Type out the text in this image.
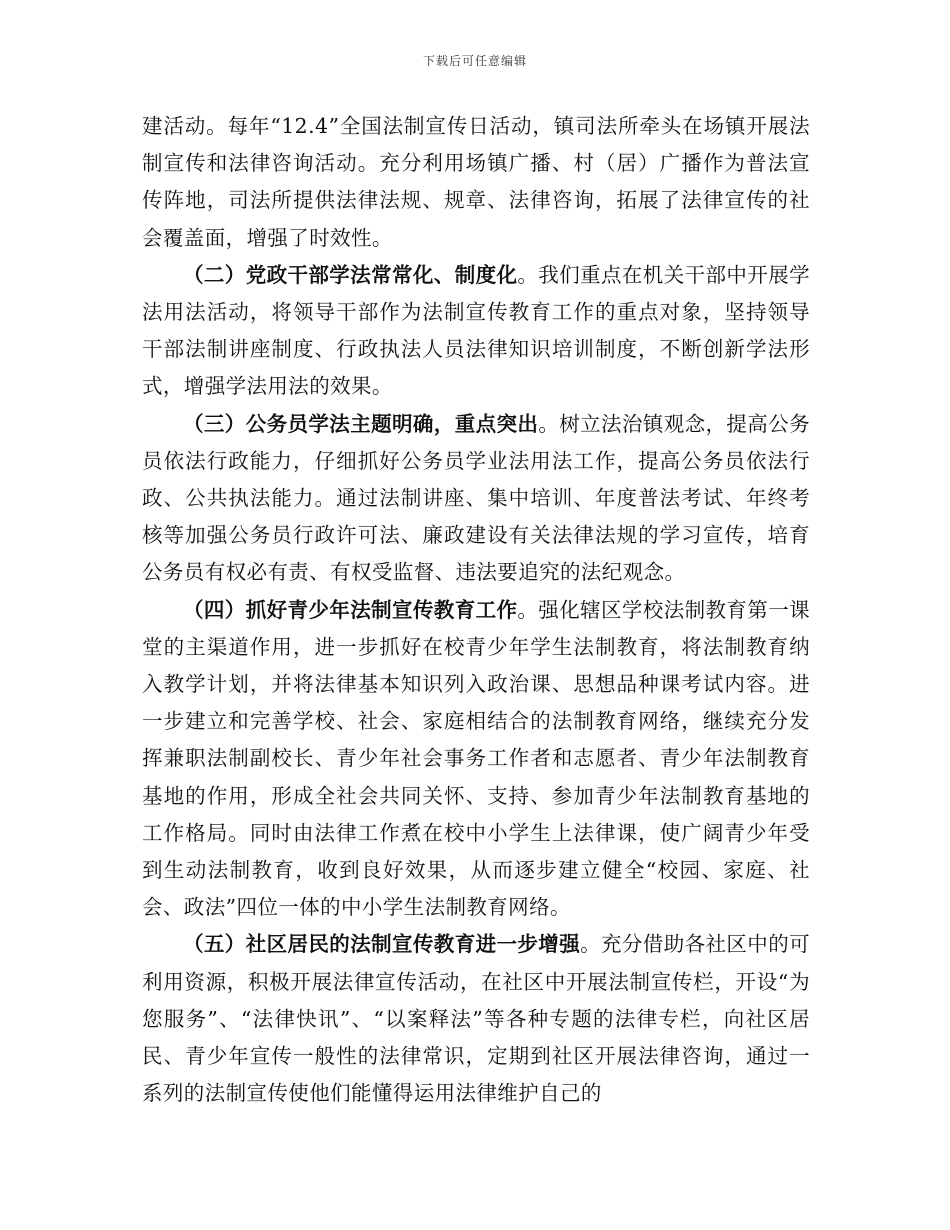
下载后可任意编辑

建活动。每年“12.4”全国法制宣传日活动，镇司法所牵头在场镇开展法制宣传和法律咨询活动。充分利用场镇广播、村（居）广播作为普法宣传阵地，司法所提供法律法规、规章、法律咨询，拓展了法律宣传的社会覆盖面，增强了时效性。

（二）党政干部学法常常化、制度化。我们重点在机关干部中开展学法用法活动，将领导干部作为法制宣传教育工作的重点对象，坚持领导干部法制讲座制度、行政执法人员法律知识培训制度，不断创新学法形式，增强学法用法的效果。

（三）公务员学法主题明确，重点突出。树立法治镇观念，提高公务员依法行政能力，仔细抓好公务员学业法用法工作，提高公务员依法行政、公共执法能力。通过法制讲座、集中培训、年度普法考试、年终考核等加强公务员行政许可法、廉政建设有关法律法规的学习宣传，培育公务员有权必有责、有权受监督、违法要追究的法纪观念。

（四）抓好青少年法制宣传教育工作。强化辖区学校法制教育第一课堂的主渠道作用，进一步抓好在校青少年学生法制教育，将法制教育纳入教学计划，并将法律基本知识列入政治课、思想品种课考试内容。进一步建立和完善学校、社会、家庭相结合的法制教育网络，继续充分发挥兼职法制副校长、青少年社会事务工作者和志愿者、青少年法制教育基地的作用，形成全社会共同关怀、支持、参加青少年法制教育基地的工作格局。同时由法律工作煮在校中小学生上法律课，使广阔青少年受到生动法制教育，收到良好效果，从而逐步建立健全“校园、家庭、社会、政法”四位一体的中小学生法制教育网络。

（五）社区居民的法制宣传教育进一步增强。充分借助各社区中的可利用资源，积极开展法律宣传活动，在社区中开展法制宣传栏，开设“为您服务”、“法律快讯”、“以案释法”等各种专题的法律专栏，向社区居民、青少年宣传一般性的法律常识，定期到社区开展法律咨询，通过一系列的法制宣传使他们能懂得运用法律维护自己的
